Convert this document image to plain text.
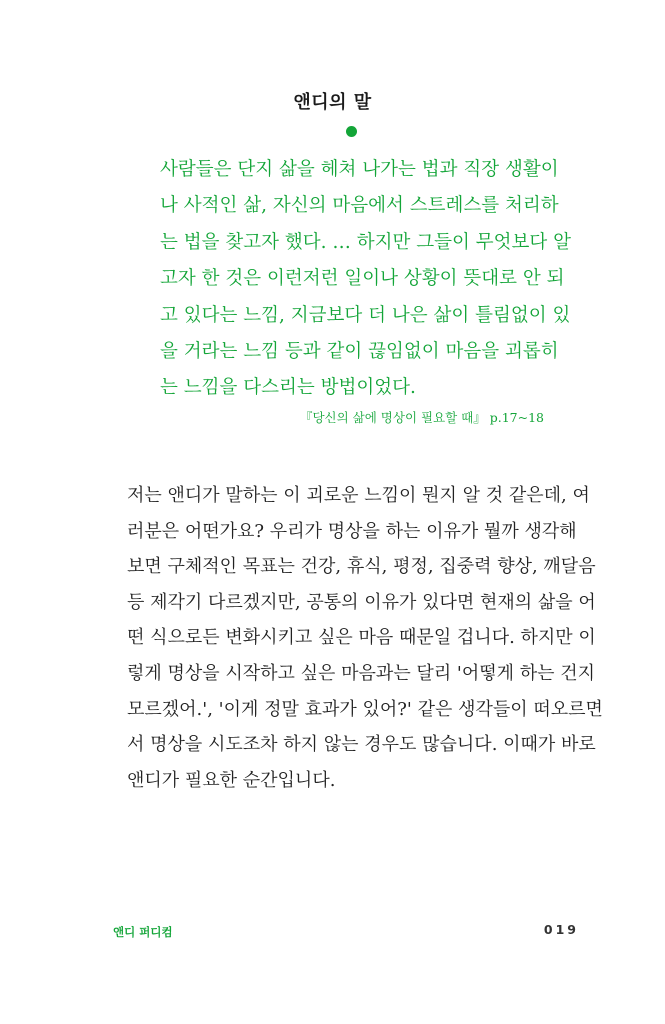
앤디의 말
사람들은 단지 삶을 헤쳐 나가는 법과 직장 생활이
나 사적인 삶, 자신의 마음에서 스트레스를 처리하
는 법을 찾고자 했다. … 하지만 그들이 무엇보다 알
고자 한 것은 이런저런 일이나 상황이 뜻대로 안 되
고 있다는 느낌, 지금보다 더 나은 삶이 틀림없이 있
을 거라는 느낌 등과 같이 끊임없이 마음을 괴롭히
는 느낌을 다스리는 방법이었다.
『당신의 삶에 명상이 필요할 때』 p.17~18
저는 앤디가 말하는 이 괴로운 느낌이 뭔지 알 것 같은데, 여
러분은 어떤가요? 우리가 명상을 하는 이유가 뭘까 생각해
보면 구체적인 목표는 건강, 휴식, 평정, 집중력 향상, 깨달음
등 제각기 다르겠지만, 공통의 이유가 있다면 현재의 삶을 어
떤 식으로든 변화시키고 싶은 마음 때문일 겁니다. 하지만 이
렇게 명상을 시작하고 싶은 마음과는 달리 '어떻게 하는 건지
모르겠어.', '이게 정말 효과가 있어?' 같은 생각들이 떠오르면
서 명상을 시도조차 하지 않는 경우도 많습니다. 이때가 바로
앤디가 필요한 순간입니다.
앤디 퍼디컴	019
